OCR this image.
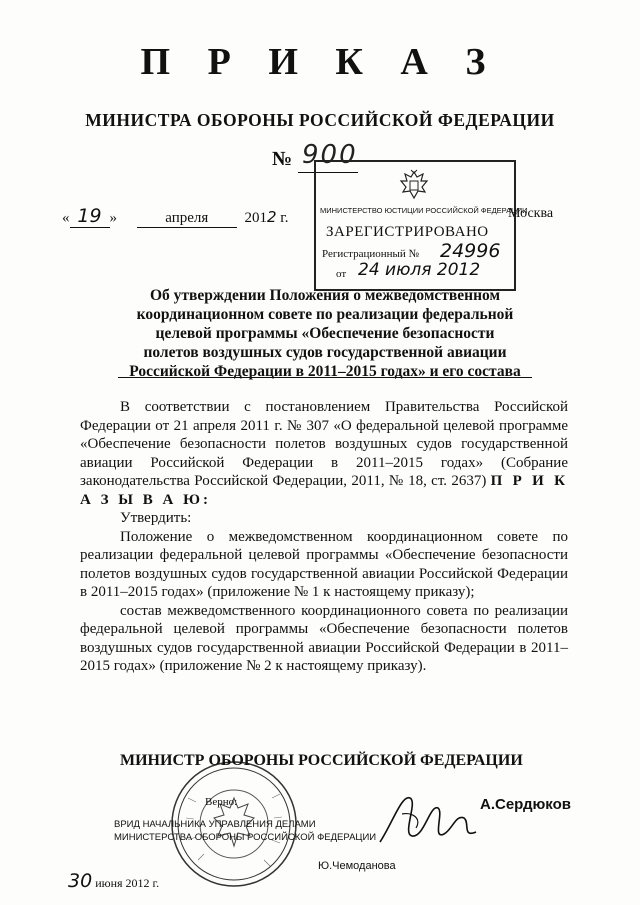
П Р И К А З
МИНИСТРА ОБОРОНЫ РОССИЙСКОЙ ФЕДЕРАЦИИ
№ 900
« 19 »	апреля 2012 г.	МИНИСТЕРСТВО ЮСТИЦИИ РОССИЙСКОЙ ФЕДЕРАЦИИ
ЗАРЕГИСТРИРОВАНО
Регистрационный № 24996
от 24 июля 2012
Москва
Об утверждении Положения о межведомственном
координационном совете по реализации федеральной
целевой программы «Обеспечение безопасности
полетов воздушных судов государственной авиации
Российской Федерации в 2011–2015 годах» и его состава

В соответствии с постановлением Правительства Российской Федерации от 21 апреля 2011 г. № 307 «О федеральной целевой программе «Обеспечение безопасности полетов воздушных судов государственной авиации Российской Федерации в 2011–2015 годах» (Собрание законодательства Российской Федерации, 2011, № 18, ст. 2637) П Р И К А З Ы В А Ю:

Утвердить:

Положение о межведомственном координационном совете по реализации федеральной целевой программы «Обеспечение безопасности полетов воздушных судов государственной авиации Российской Федерации в 2011–2015 годах» (приложение № 1 к настоящему приказу);

состав межведомственного координационного совета по реализации федеральной целевой программы «Обеспечение безопасности полетов воздушных судов государственной авиации Российской Федерации в 2011–2015 годах» (приложение № 2 к настоящему приказу).

МИНИСТР ОБОРОНЫ РОССИЙСКОЙ ФЕДЕРАЦИИ
Верно:
ВРИД НАЧАЛЬНИКА УПРАВЛЕНИЯ ДЕЛАМИ
МИНИСТЕРСТВА ОБОРОНЫ РОССИЙСКОЙ ФЕДЕРАЦИИ
А.Сердюков
Ю.Чемоданова
30 июня 2012 г.
